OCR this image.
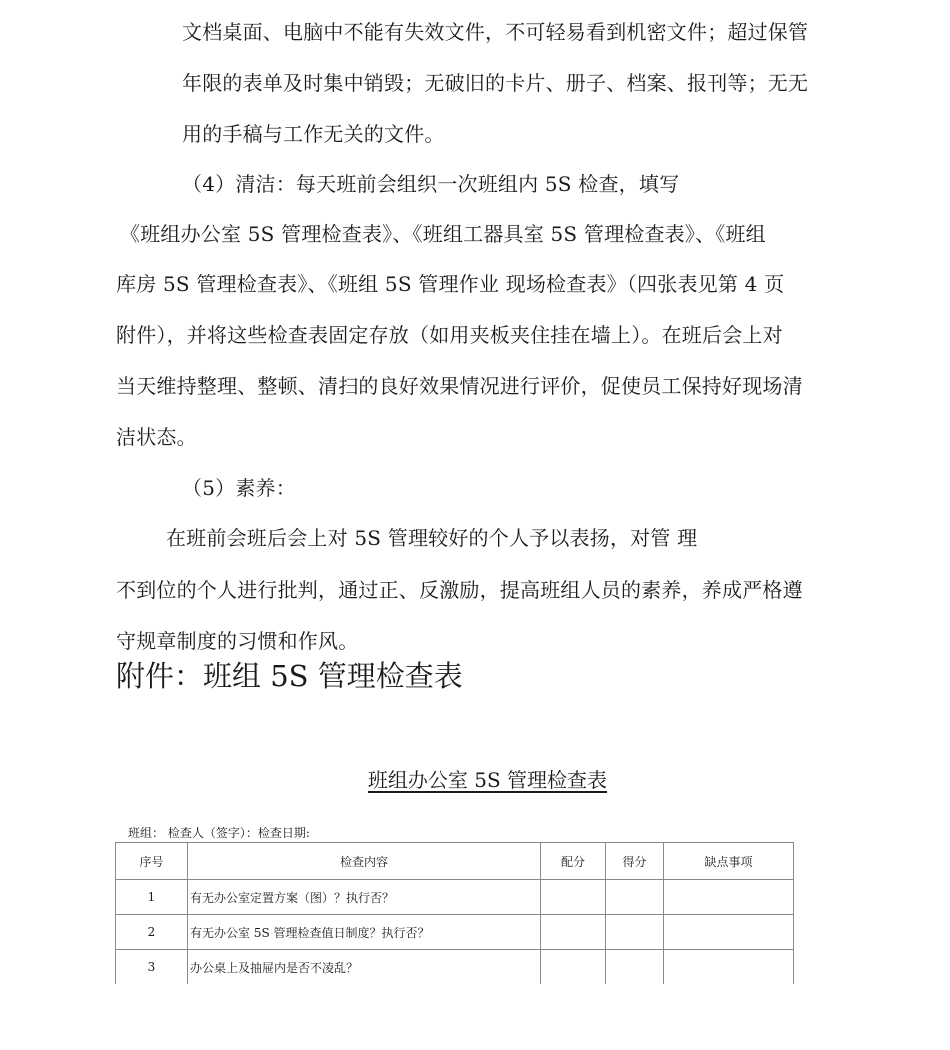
文档桌面、电脑中不能有失效文件，不可轻易看到机密文件；超过保管
年限的表单及时集中销毁；无破旧的卡片、册子、档案、报刊等；无无
用的手稿与工作无关的文件。
（4）清洁：每天班前会组织一次班组内 5S 检查，填写
《班组办公室 5S 管理检查表》、《班组工器具室 5S 管理检查表》、《班组
库房 5S 管理检查表》、《班组 5S 管理作业 现场检查表》（四张表见第 4 页
附件），并将这些检查表固定存放（如用夹板夹住挂在墙上）。在班后会上对
当天维持整理、整顿、清扫的良好效果情况进行评价，促使员工保持好现场清
洁状态。
（5）素养：
在班前会班后会上对 5S 管理较好的个人予以表扬，对管 理
不到位的个人进行批判，通过正、反激励，提高班组人员的素养，养成严格遵
守规章制度的习惯和作风。
附件：班组 5S 管理检查表
班组办公室 5S 管理检查表
班组： 检查人（签字）：检查日期:
序号	检查内容	配分	得分	缺点事项
1	有无办公室定置方案（图）？执行否？			
2	有无办公室 5S 管理检查值日制度？执行否？			
3	办公桌上及抽屉内是否不凌乱？			
